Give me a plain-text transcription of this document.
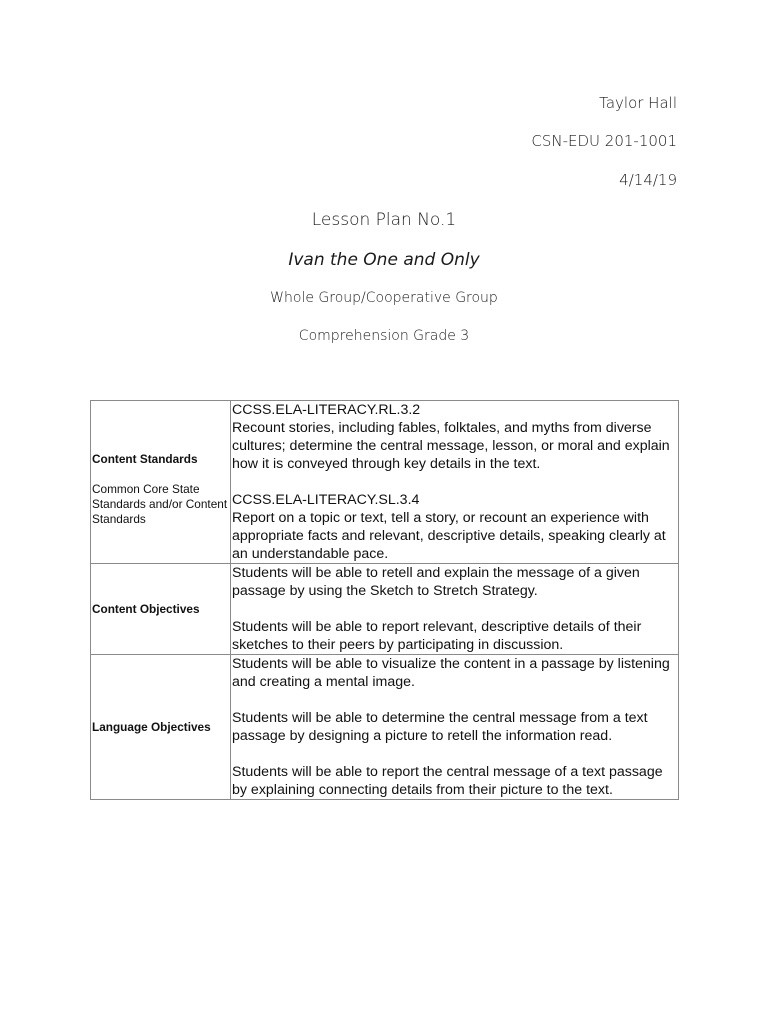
Taylor Hall
CSN-EDU 201-1001
4/14/19
Lesson Plan No.1
Ivan the One and Only
Whole Group/Cooperative Group
Comprehension Grade 3
Content Standards
Common Core State Standards and/or Content Standards	CCSS.ELA-LITERACY.RL.3.2
Recount stories, including fables, folktales, and myths from diverse cultures; determine the central message, lesson, or moral and explain how it is conveyed through key details in the text.
CCSS.ELA-LITERACY.SL.3.4
Report on a topic or text, tell a story, or recount an experience with appropriate facts and relevant, descriptive details, speaking clearly at an understandable pace.

Content Objectives	Students will be able to retell and explain the message of a given passage by using the Sketch to Stretch Strategy.
Students will be able to report relevant, descriptive details of their sketches to their peers by participating in discussion.

Language Objectives	Students will be able to visualize the content in a passage by listening and creating a mental image.
Students will be able to determine the central message from a text passage by designing a picture to retell the information read.
Students will be able to report the central message of a text passage by explaining connecting details from their picture to the text.
